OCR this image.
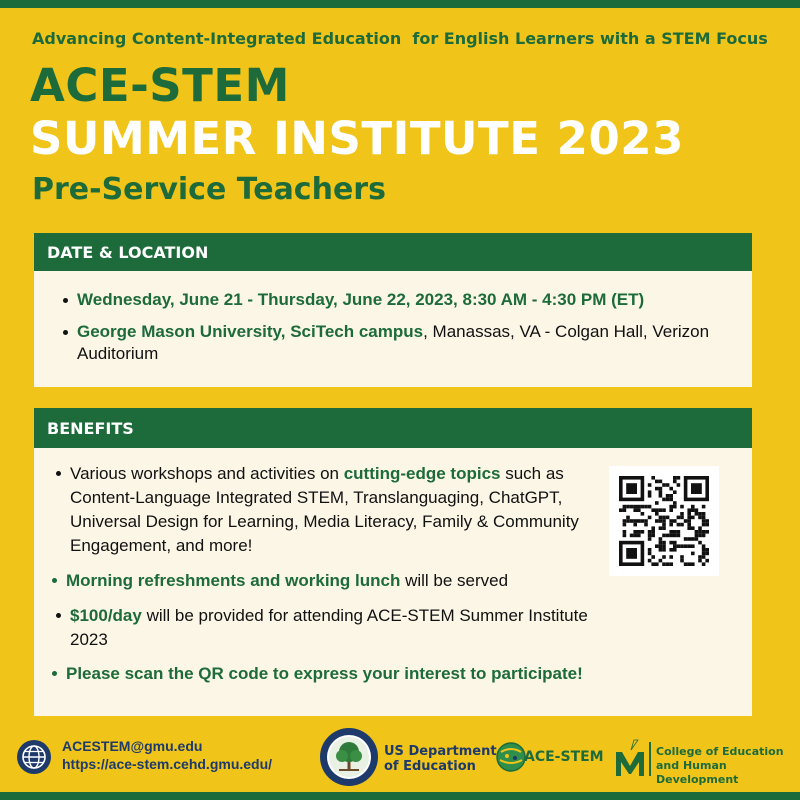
Advancing Content-Integrated Education  for English Learners with a STEM Focus
ACE-STEM
SUMMER INSTITUTE 2023
Pre-Service Teachers
DATE & LOCATION
Wednesday, June 21 - Thursday, June 22, 2023, 8:30 AM - 4:30 PM (ET)
George Mason University, SciTech campus, Manassas, VA - Colgan Hall, Verizon Auditorium
BENEFITS
Various workshops and activities on cutting-edge topics such as Content-Language Integrated STEM, Translanguaging, ChatGPT, Universal Design for Learning, Media Literacy, Family & Community Engagement, and more!
Morning refreshments and working lunch will be served
$100/day will be provided for attending ACE-STEM Summer Institute 2023
Please scan the QR code to express your interest to participate!
ACESTEM@gmu.edu
https://ace-stem.cehd.gmu.edu/
US Department
of Education
ACE-STEM	College of Education
and Human Development
